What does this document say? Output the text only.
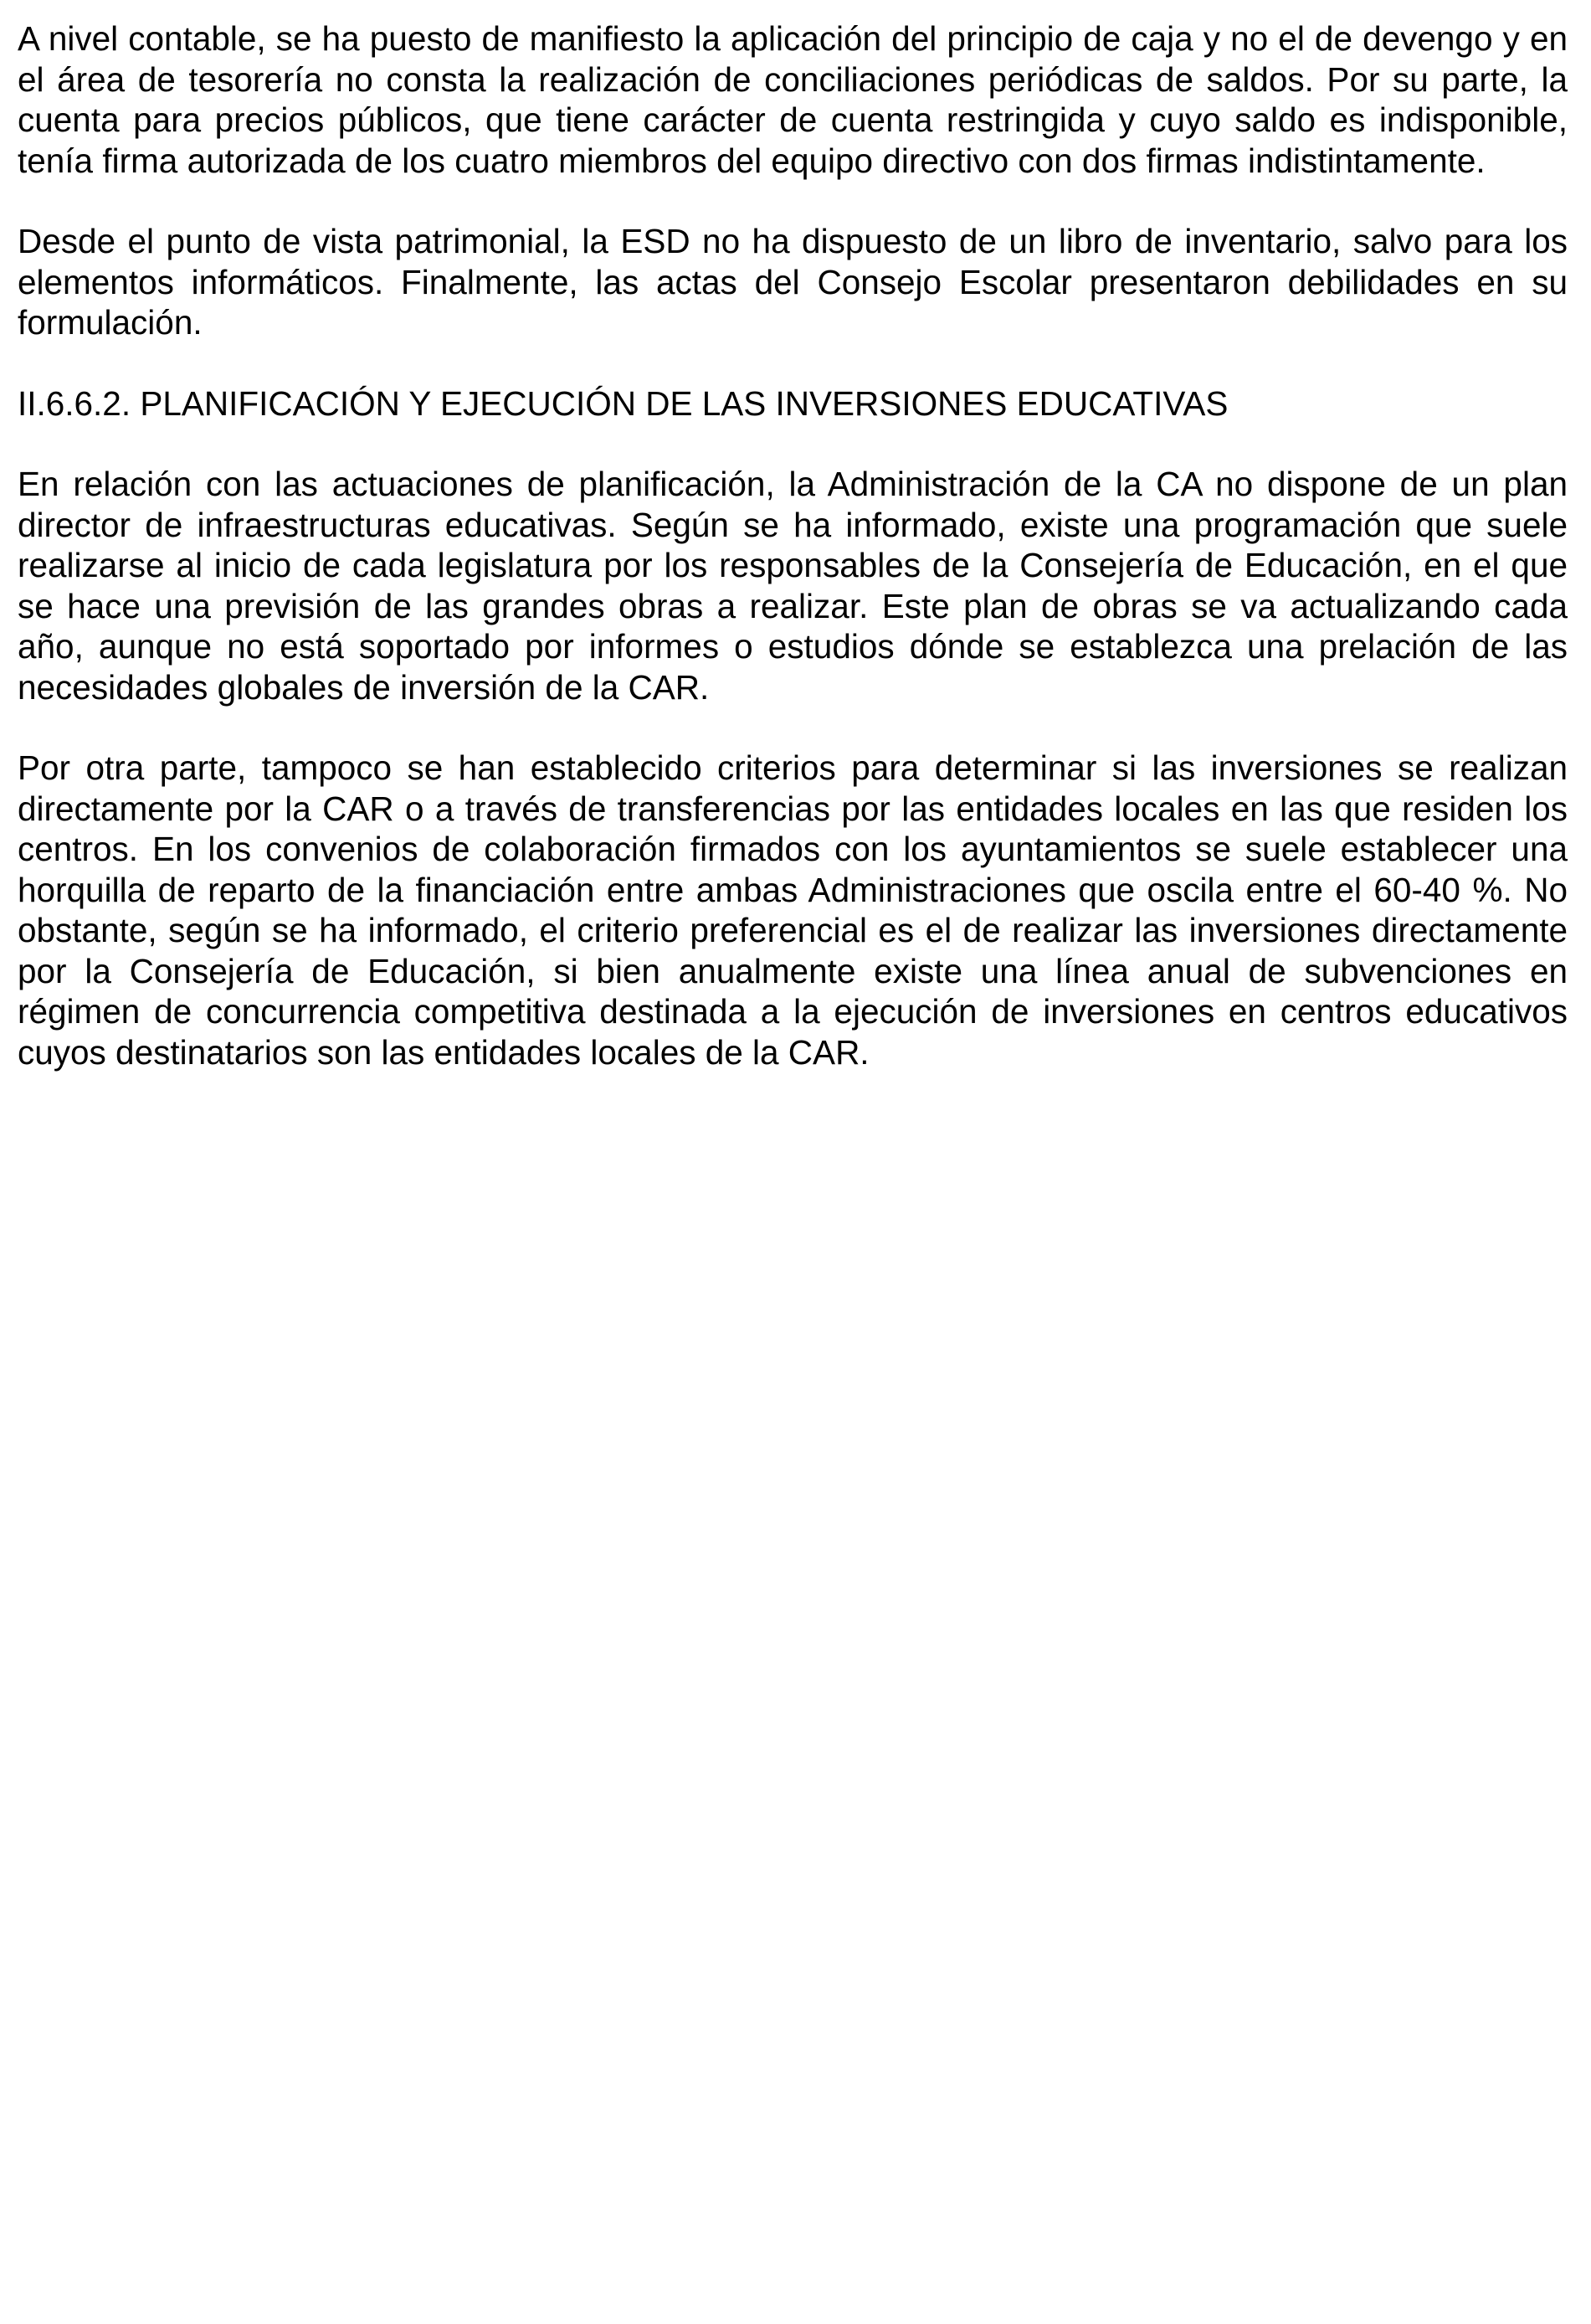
A nivel contable, se ha puesto de manifiesto la aplicación del principio de caja y no el de devengo y en el área de tesorería no consta la realización de conciliaciones periódicas de saldos. Por su parte, la cuenta para precios públicos, que tiene carácter de cuenta restringida y cuyo saldo es indisponible, tenía firma autorizada de los cuatro miembros del equipo directivo con dos firmas indistintamente.

Desde el punto de vista patrimonial, la ESD no ha dispuesto de un libro de inventario, salvo para los elementos informáticos. Finalmente, las actas del Consejo Escolar presentaron debilidades en su formulación.

II.6.6.2. PLANIFICACIÓN Y EJECUCIÓN DE LAS INVERSIONES EDUCATIVAS

En relación con las actuaciones de planificación, la Administración de la CA no dispone de un plan director de infraestructuras educativas. Según se ha informado, existe una programación que suele realizarse al inicio de cada legislatura por los responsables de la Consejería de Educación, en el que se hace una previsión de las grandes obras a realizar. Este plan de obras se va actualizando cada año, aunque no está soportado por informes o estudios dónde se establezca una prelación de las necesidades globales de inversión de la CAR.

Por otra parte, tampoco se han establecido criterios para determinar si las inversiones se realizan directamente por la CAR o a través de transferencias por las entidades locales en las que residen los centros. En los convenios de colaboración firmados con los ayuntamientos se suele establecer una horquilla de reparto de la financiación entre ambas Administraciones que oscila entre el 60-40 %. No obstante, según se ha informado, el criterio preferencial es el de realizar las inversiones directamente por la Consejería de Educación, si bien anualmente existe una línea anual de subvenciones en régimen de concurrencia competitiva destinada a la ejecución de inversiones en centros educativos cuyos destinatarios son las entidades locales de la CAR.
